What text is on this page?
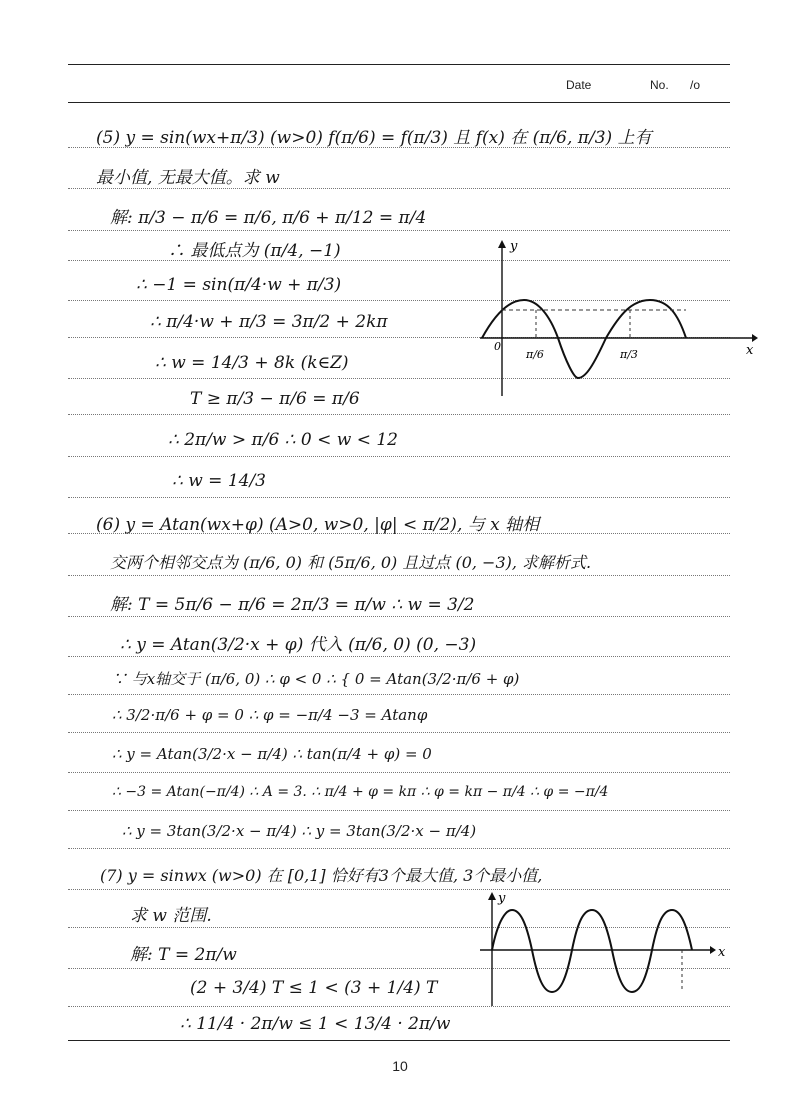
Date	No. /o
(5) y = sin(wx+π/3) (w>0) f(π/6) = f(π/3) 且 f(x) 在 (π/6, π/3) 上有
最小值, 无最大值。求 w
解: π/3 − π/6 = π/6, π/6 + π/12 = π/4
∴ 最低点为 (π/4, −1)
∴ −1 = sin(π/4·w + π/3)
∴ π/4·w + π/3 = 3π/2 + 2kπ
∴ w = 14/3 + 8k (k∈Z)
T ≥ π/3 − π/6 = π/6
∴ 2π/w > π/6 ∴ 0 < w < 12
∴ w = 14/3
y
x
0
π/6	π/3
(6) y = Atan(wx+φ) (A>0, w>0, |φ| < π/2), 与 x 轴相
交两个相邻交点为 (π/6, 0) 和 (5π/6, 0) 且过点 (0, −3), 求解析式.
解: T = 5π/6 − π/6 = 2π/3 = π/w ∴ w = 3/2
∴ y = Atan(3/2·x + φ) 代入 (π/6, 0) (0, −3)
∵ 与x轴交于 (π/6, 0) ∴ φ < 0 ∴ { 0 = Atan(3/2·π/6 + φ)
∴ 3/2·π/6 + φ = 0 ∴ φ = −π/4 −3 = Atanφ
∴ y = Atan(3/2·x − π/4) ∴ tan(π/4 + φ) = 0
∴ −3 = Atan(−π/4) ∴ A = 3. ∴ π/4 + φ = kπ ∴ φ = kπ − π/4 ∴ φ = −π/4
∴ y = 3tan(3/2·x − π/4) ∴ y = 3tan(3/2·x − π/4)
(7) y = sinwx (w>0) 在 [0,1] 恰好有3个最大值, 3个最小值,
求 w 范围.
解: T = 2π/w
(2 + 3/4) T ≤ 1 < (3 + 1/4) T
∴ 11/4 · 2π/w ≤ 1 < 13/4 · 2π/w
y
x
10
